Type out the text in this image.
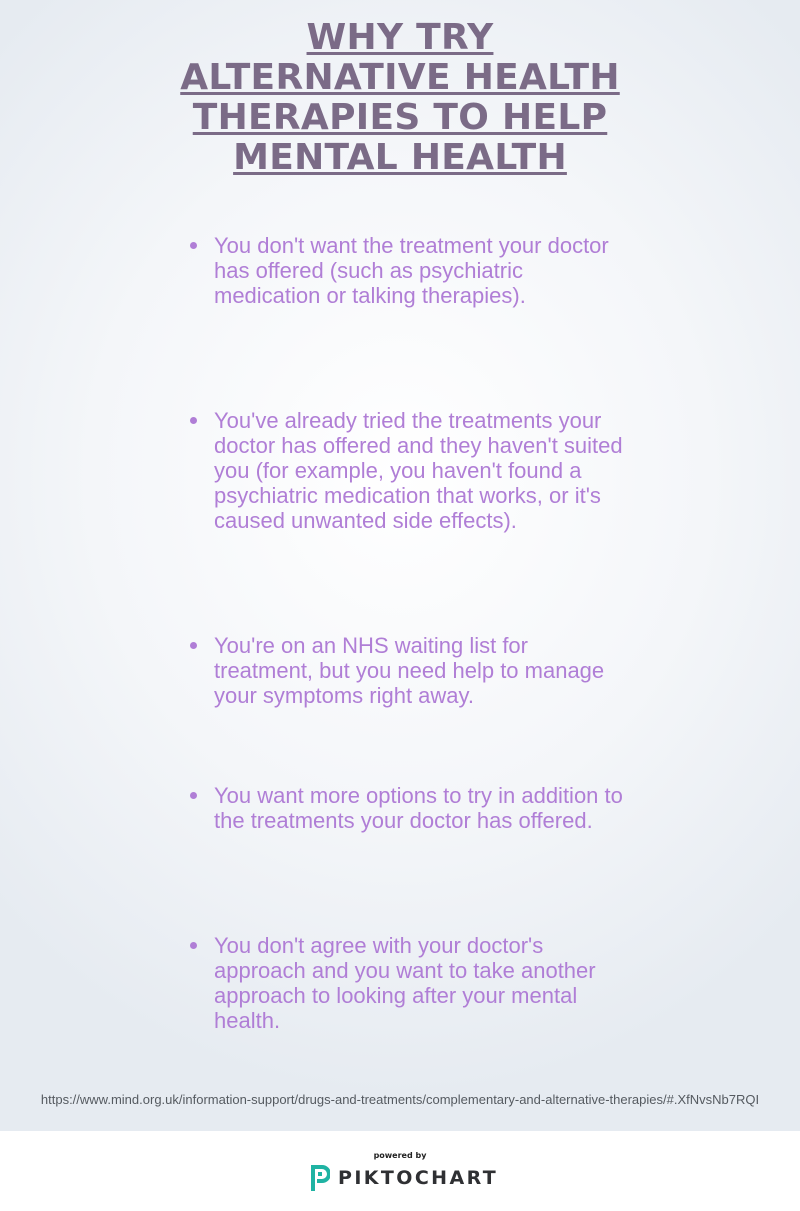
WHY TRY
ALTERNATIVE HEALTH
THERAPIES TO HELP
MENTAL HEALTH
You don't want the treatment your doctor has offered (such as psychiatric medication or talking therapies).
You've already tried the treatments your doctor has offered and they haven't suited you (for example, you haven't found a psychiatric medication that works, or it's caused unwanted side effects).
You're on an NHS waiting list for treatment, but you need help to manage your symptoms right away.
You want more options to try in addition to the treatments your doctor has offered.
You don't agree with your doctor's approach and you want to take another approach to looking after your mental health.
https://www.mind.org.uk/information-support/drugs-and-treatments/complementary-and-alternative-therapies/#.XfNvsNb7RQI
powered by
PIKTOCHART
